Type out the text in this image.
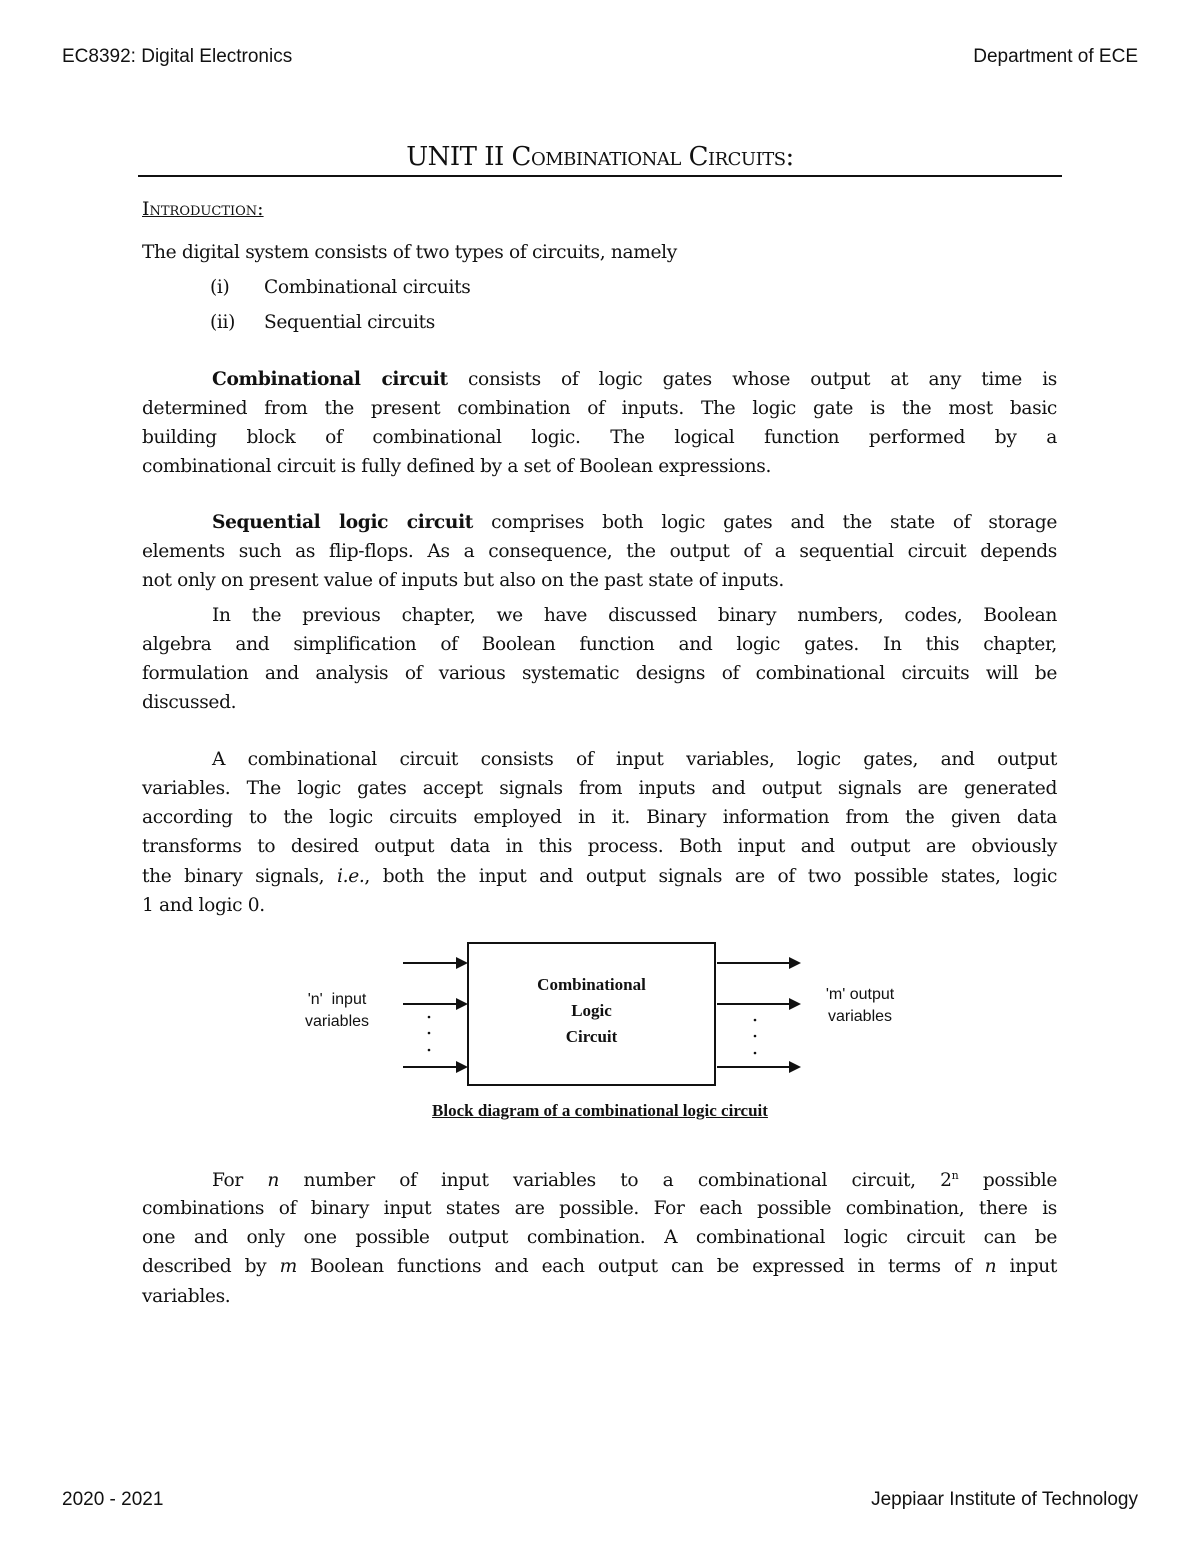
EC8392: Digital Electronics	Department of ECE
2020 - 2021	Jeppiaar Institute of Technology
UNIT II Combinational Circuits:
Introduction:
The digital system consists of two types of circuits, namely
(i) Combinational circuits
(ii) Sequential circuits
Combinational circuit consists of logic gates whose output at any time is
determined from the present combination of inputs. The logic gate is the most basic
building block of combinational logic. The logical function performed by a
combinational circuit is fully defined by a set of Boolean expressions.
Sequential logic circuit comprises both logic gates and the state of storage
elements such as flip-flops. As a consequence, the output of a sequential circuit depends
not only on present value of inputs but also on the past state of inputs.
In the previous chapter, we have discussed binary numbers, codes, Boolean
algebra and simplification of Boolean function and logic gates. In this chapter,
formulation and analysis of various systematic designs of combinational circuits will be
discussed.
A combinational circuit consists of input variables, logic gates, and output
variables. The logic gates accept signals from inputs and output signals are generated
according to the logic circuits employed in it. Binary information from the given data
transforms to desired output data in this process. Both input and output are obviously
the binary signals, i.e., both the input and output signals are of two possible states, logic
1 and logic 0.
Combinational
Logic
Circuit
'n'  input
variables
'm' output
variables
Block diagram of a combinational logic circuit
For n number of input variables to a combinational circuit, 2$^n$ possible
combinations of binary input states are possible. For each possible combination, there is
one and only one possible output combination. A combinational logic circuit can be
described by m Boolean functions and each output can be expressed in terms of n input
variables.
